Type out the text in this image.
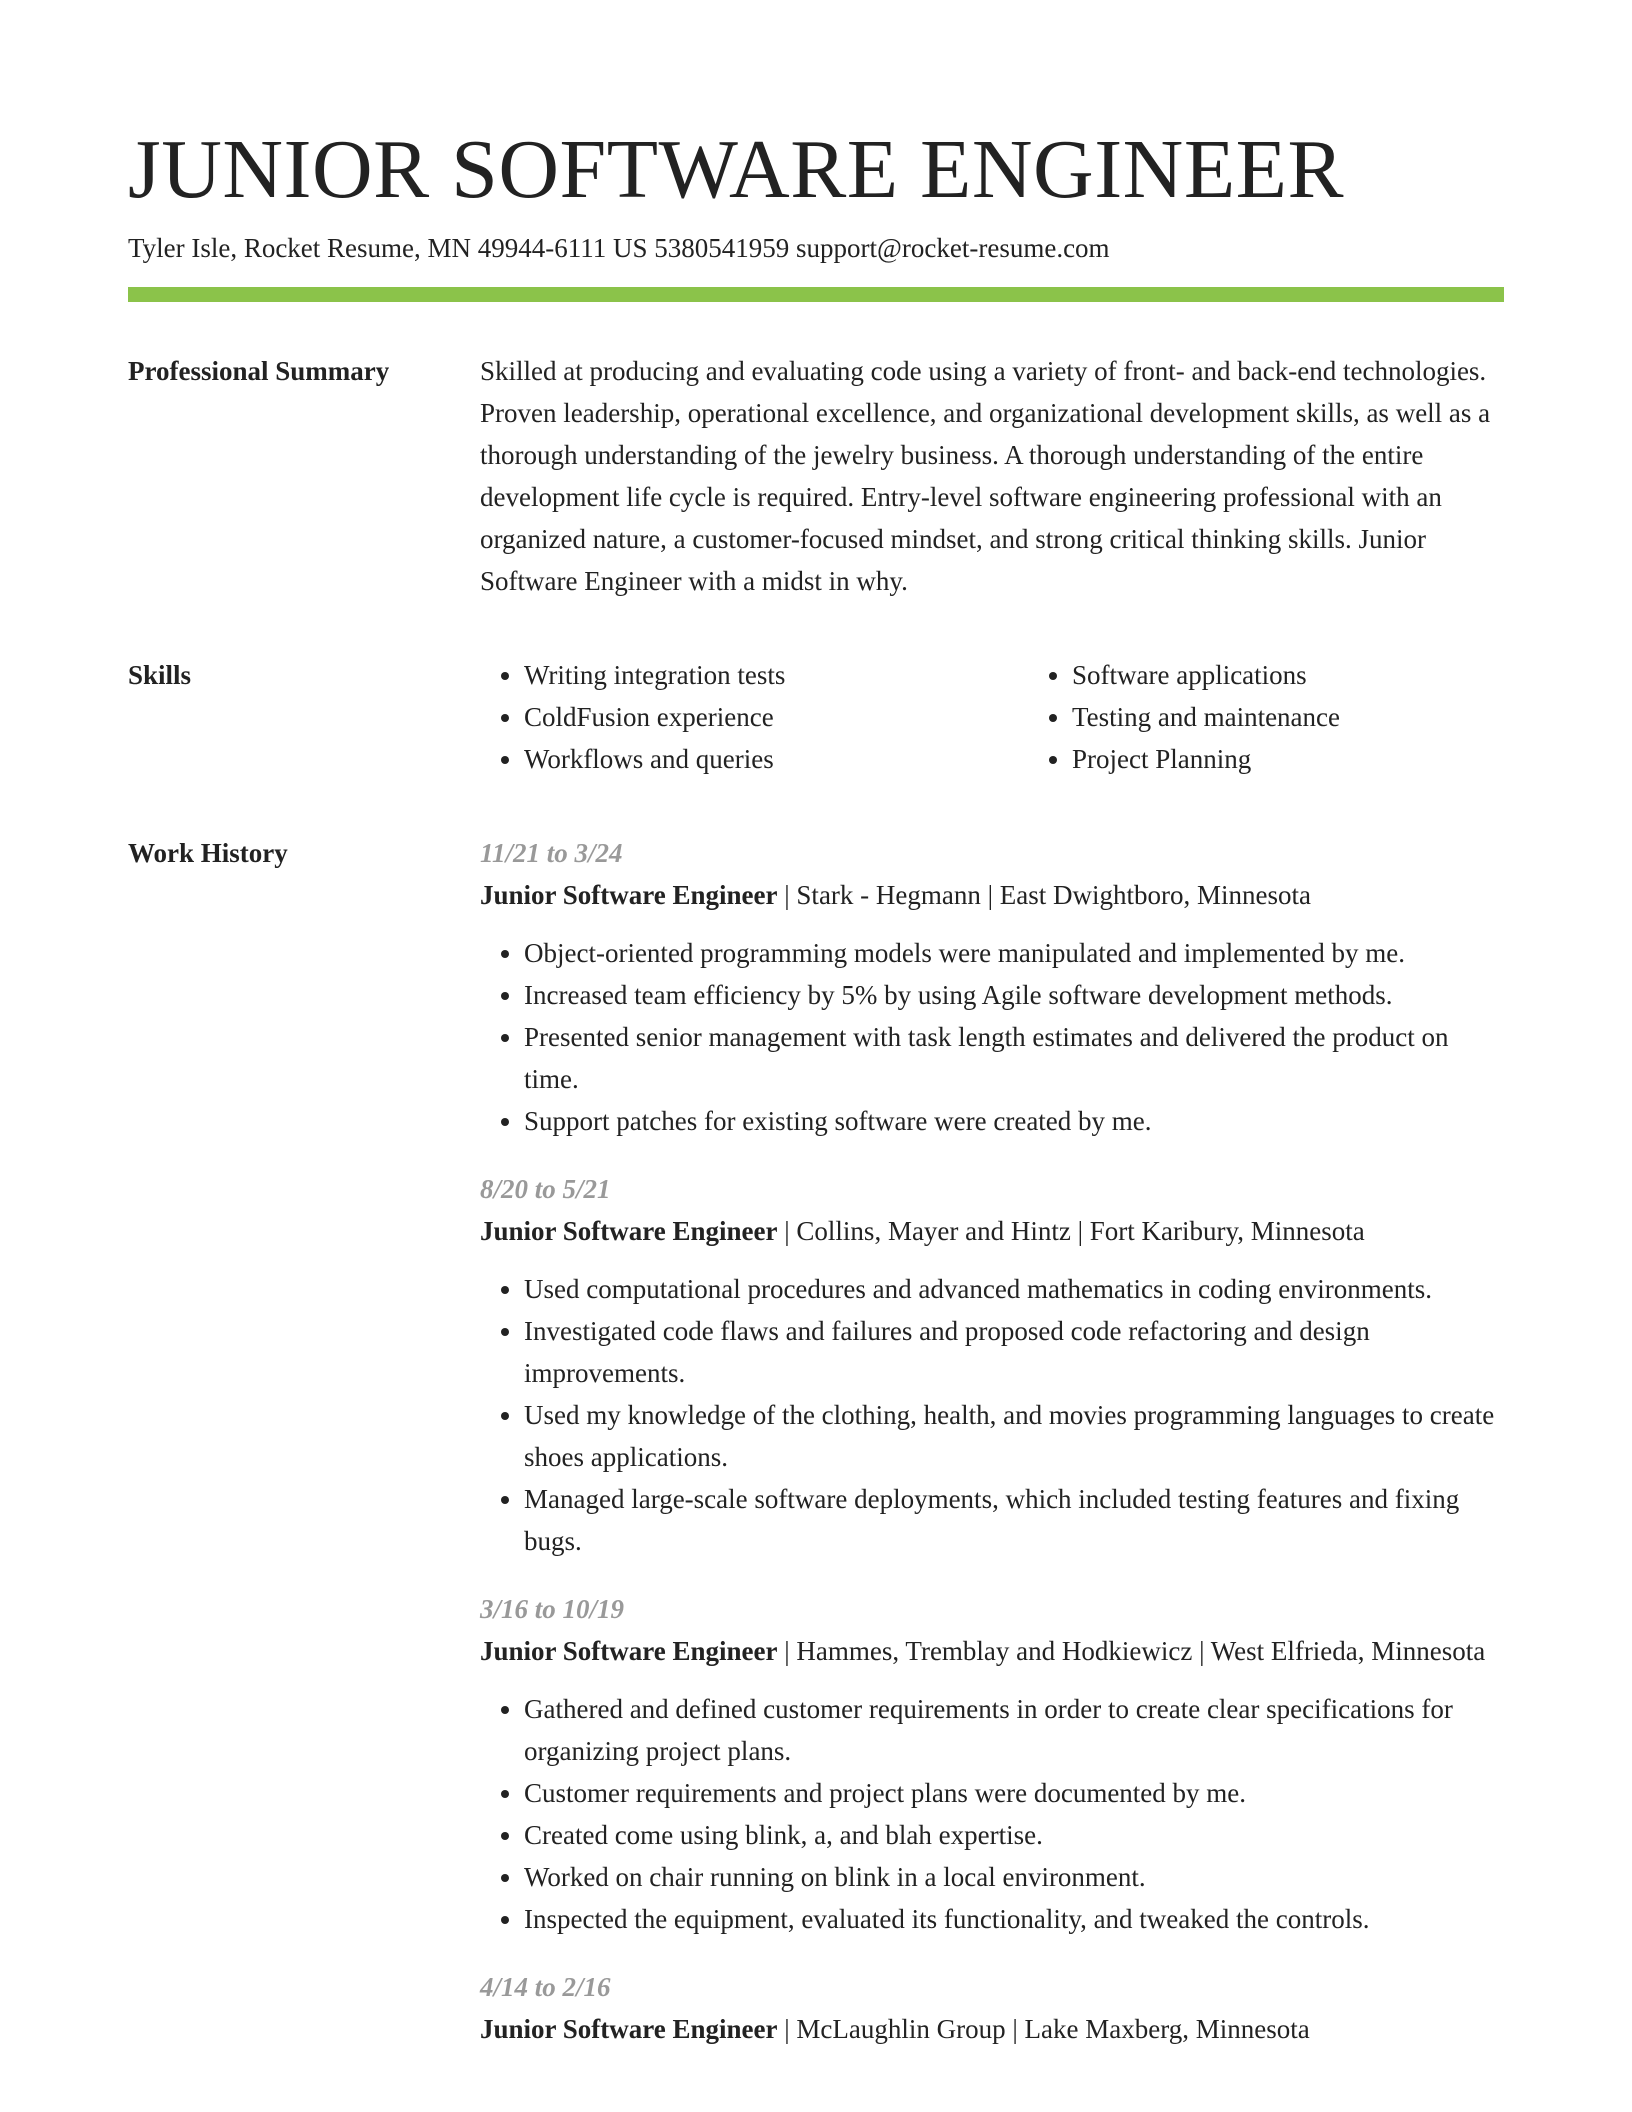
JUNIOR SOFTWARE ENGINEER
Tyler Isle, Rocket Resume, MN 49944-6111 US 5380541959 support@rocket-resume.com
Professional Summary	Skilled at producing and evaluating code using a variety of front- and back-end technologies. Proven leadership, operational excellence, and organizational development skills, as well as a thorough understanding of the jewelry business. A thorough understanding of the entire development life cycle is required. Entry-level software engineering professional with an organized nature, a customer-focused mindset, and strong critical thinking skills. Junior Software Engineer with a midst in why.
Skills
•	Writing integration tests
• ColdFusion experience
• Workflows and queries
• Software applications
• Testing and maintenance
• Project Planning
Work History	11/21 to 3/24
Junior Software Engineer | Stark - Hegmann | East Dwightboro, Minnesota
• Object-oriented programming models were manipulated and implemented by me.
• Increased team efficiency by 5% by using Agile software development methods.
• Presented senior management with task length estimates and delivered the product on time.
• Support patches for existing software were created by me.
8/20 to 5/21
Junior Software Engineer | Collins, Mayer and Hintz | Fort Karibury, Minnesota
• Used computational procedures and advanced mathematics in coding environments.
• Investigated code flaws and failures and proposed code refactoring and design improvements.
• Used my knowledge of the clothing, health, and movies programming languages to create shoes applications.
• Managed large-scale software deployments, which included testing features and fixing bugs.
3/16 to 10/19
Junior Software Engineer | Hammes, Tremblay and Hodkiewicz | West Elfrieda, Minnesota
• Gathered and defined customer requirements in order to create clear specifications for organizing project plans.
• Customer requirements and project plans were documented by me.
• Created come using blink, a, and blah expertise.
• Worked on chair running on blink in a local environment.
• Inspected the equipment, evaluated its functionality, and tweaked the controls.
4/14 to 2/16
Junior Software Engineer | McLaughlin Group | Lake Maxberg, Minnesota
